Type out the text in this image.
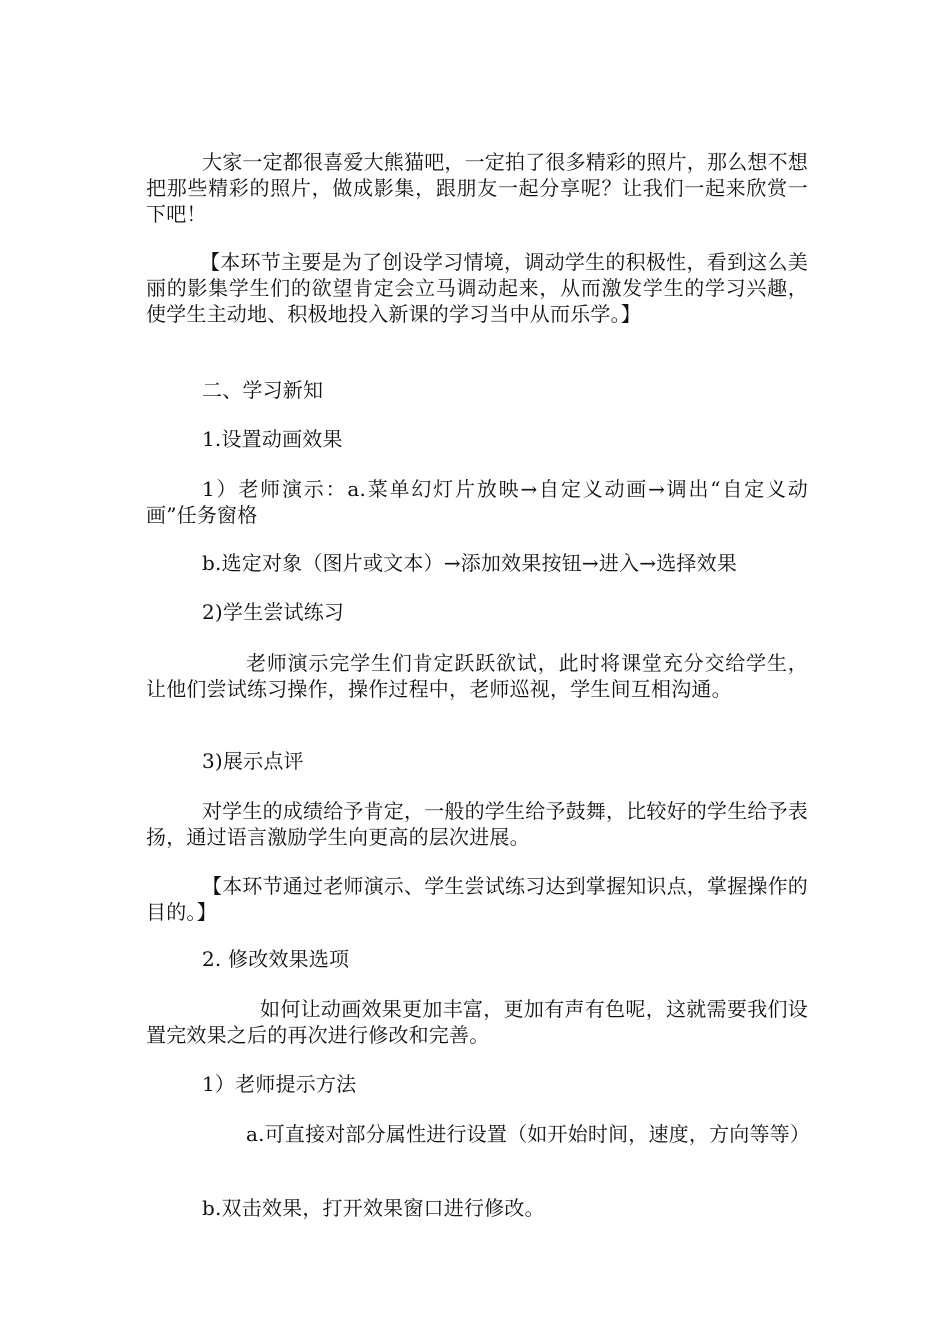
大家一定都很喜爱大熊猫吧，一定拍了很多精彩的照片，那么想不想把那些精彩的照片，做成影集，跟朋友一起分享呢？让我们一起来欣赏一下吧！

【本环节主要是为了创设学习情境，调动学生的积极性，看到这么美丽的影集学生们的欲望肯定会立马调动起来，从而激发学生的学习兴趣，使学生主动地、积极地投入新课的学习当中从而乐学。】

二、学习新知

1.设置动画效果

1）老师演示：a.菜单幻灯片放映→自定义动画→调出“自定义动画”任务窗格

b.选定对象（图片或文本）→添加效果按钮→进入→选择效果

2)学生尝试练习

老师演示完学生们肯定跃跃欲试，此时将课堂充分交给学生，让他们尝试练习操作，操作过程中，老师巡视，学生间互相沟通。

3)展示点评

对学生的成绩给予肯定，一般的学生给予鼓舞，比较好的学生给予表扬，通过语言激励学生向更高的层次进展。

【本环节通过老师演示、学生尝试练习达到掌握知识点，掌握操作的目的。】

2. 修改效果选项

如何让动画效果更加丰富，更加有声有色呢，这就需要我们设置完效果之后的再次进行修改和完善。

1）老师提示方法

a.可直接对部分属性进行设置（如开始时间，速度，方向等等）

b.双击效果，打开效果窗口进行修改。
